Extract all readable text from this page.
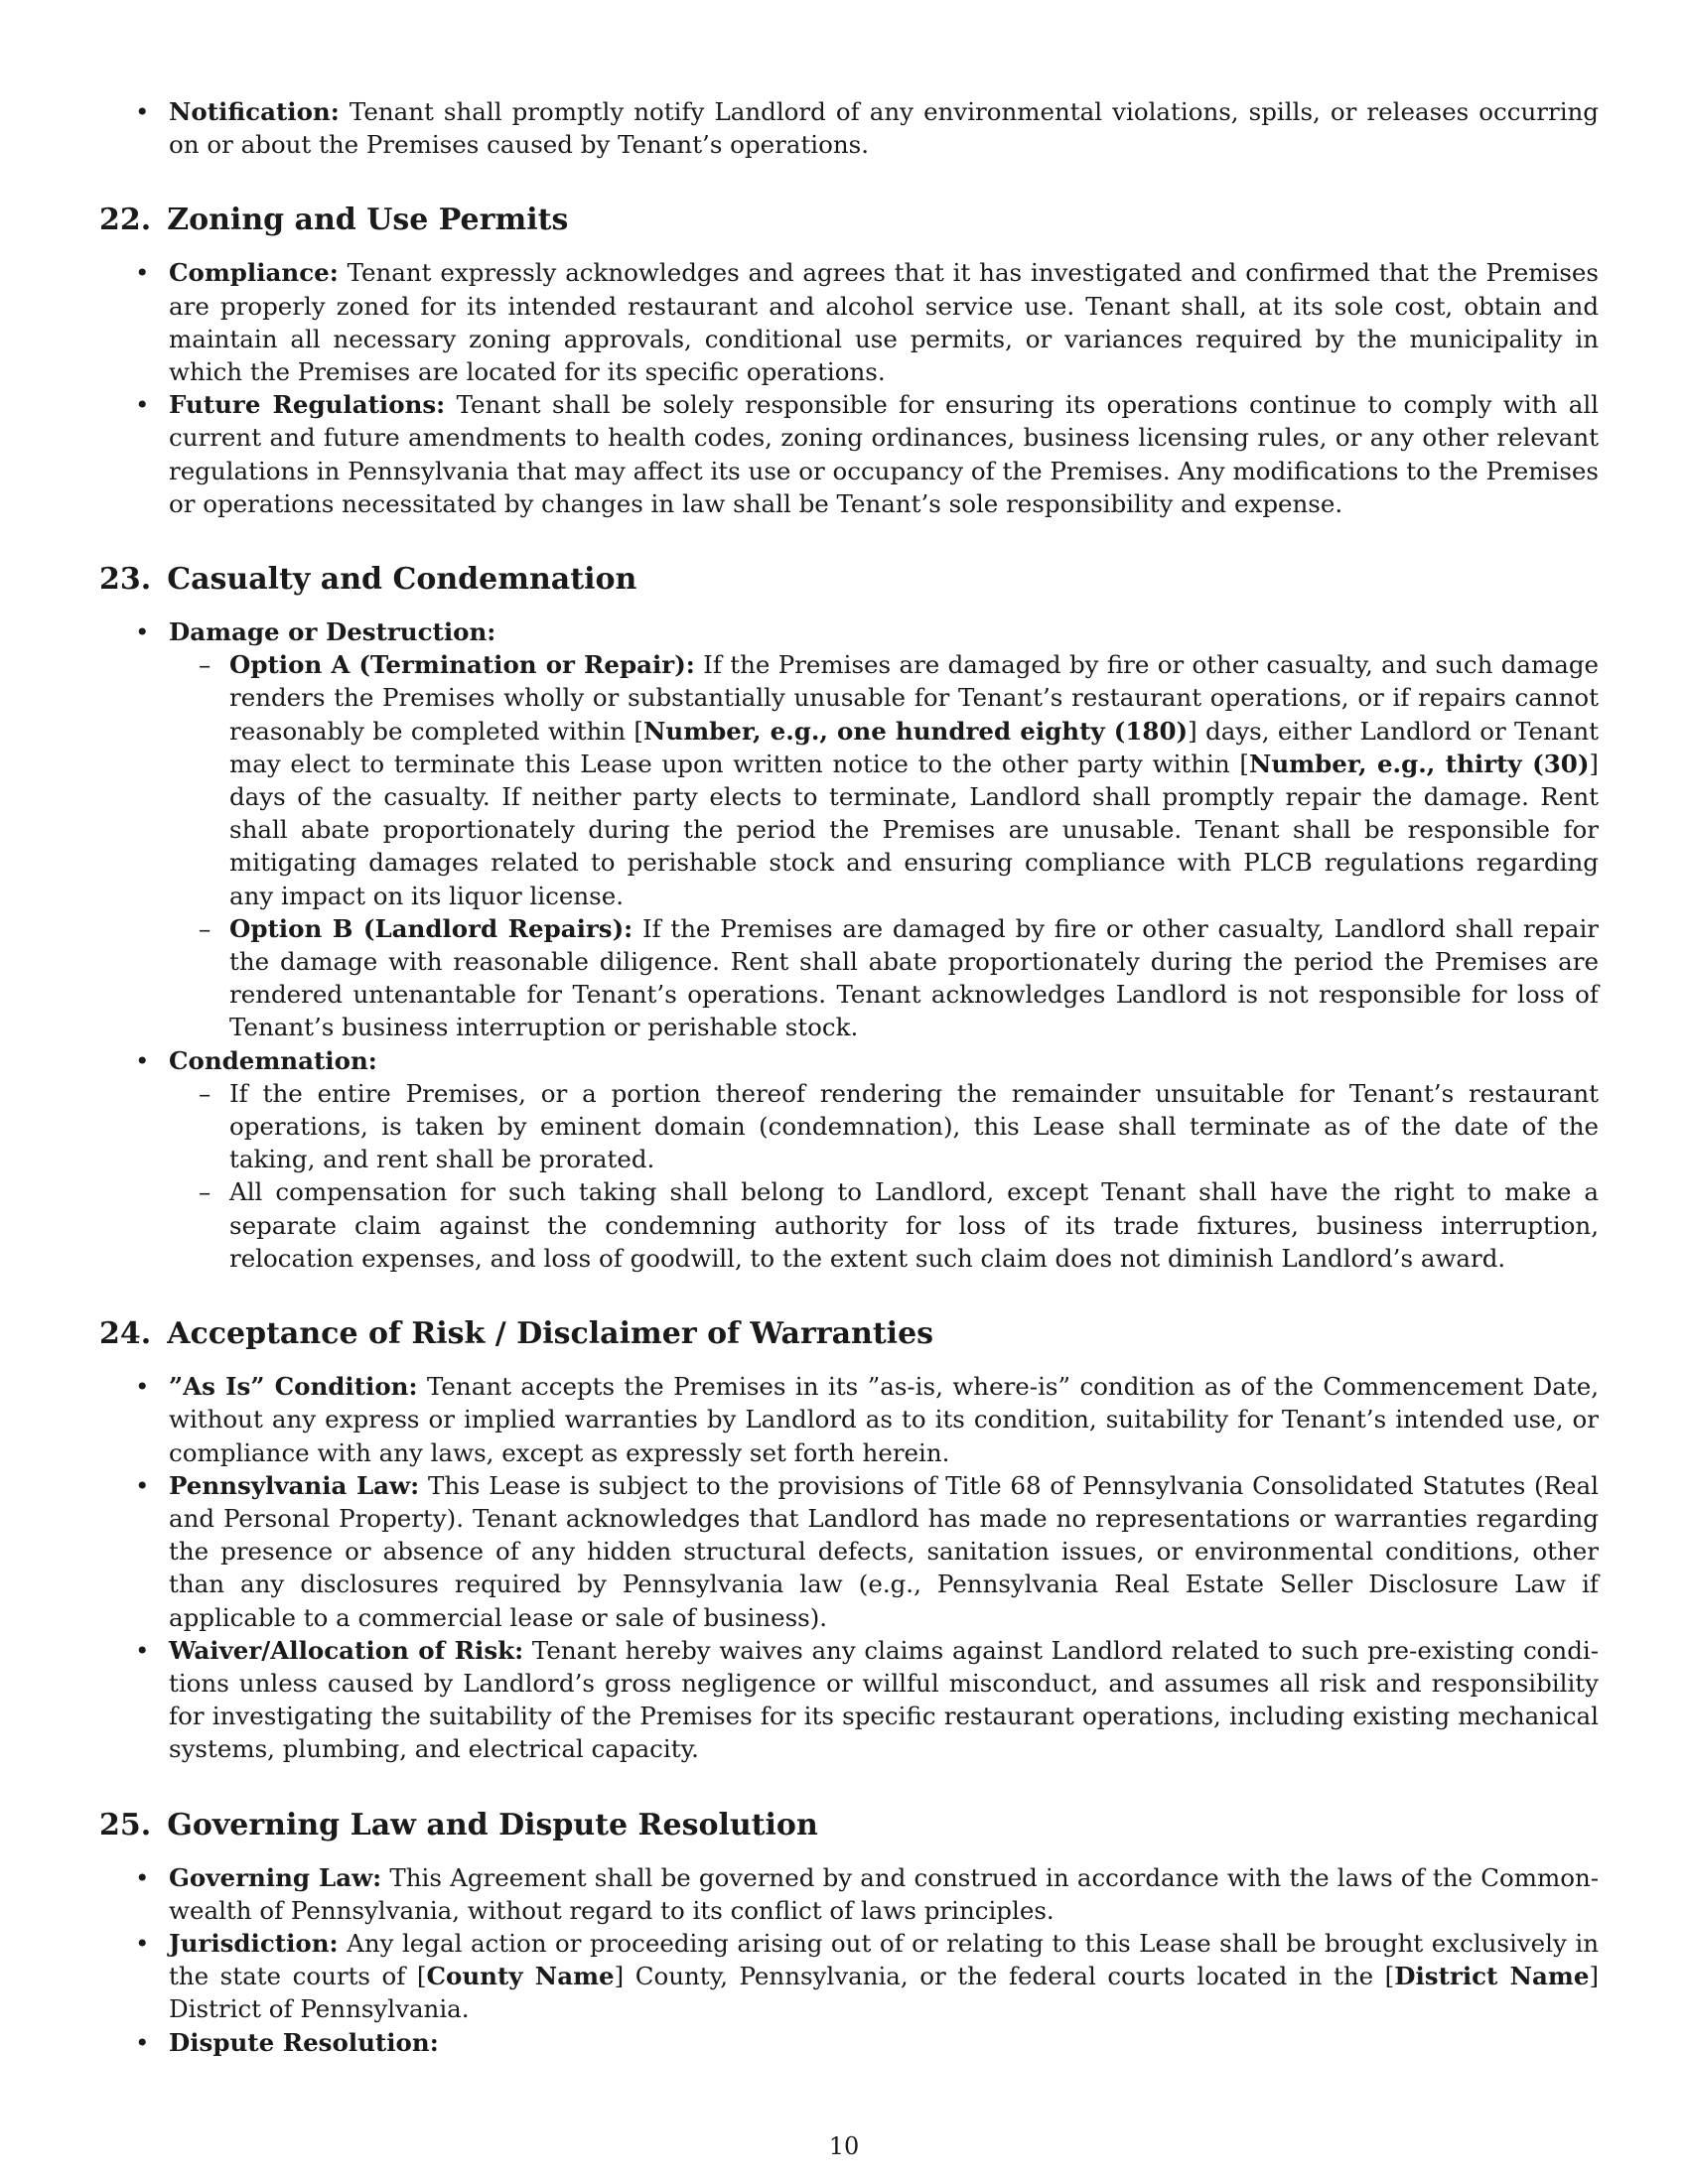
• Notification: Tenant shall promptly notify Landlord of any environmental violations, spills, or releases occurring on or about the Premises caused by Tenant’s operations.
22. Zoning and Use Permits
• Compliance: Tenant expressly acknowledges and agrees that it has investigated and confirmed that the Premises are properly zoned for its intended restaurant and alcohol service use. Tenant shall, at its sole cost, obtain and maintain all necessary zoning approvals, conditional use permits, or variances required by the municipality in which the Premises are located for its specific operations.
• Future Regulations: Tenant shall be solely responsible for ensuring its operations continue to comply with all current and future amendments to health codes, zoning ordinances, business licensing rules, or any other relevant regulations in Pennsylvania that may affect its use or occupancy of the Premises. Any modifications to the Premises or operations necessitated by changes in law shall be Tenant’s sole responsibility and expense.
23. Casualty and Condemnation
• Damage or Destruction:
– Option A (Termination or Repair): If the Premises are damaged by fire or other casualty, and such damage renders the Premises wholly or substantially unusable for Tenant’s restaurant operations, or if repairs cannot reasonably be completed within [Number, e.g., one hundred eighty (180)] days, either Landlord or Tenant may elect to terminate this Lease upon written notice to the other party within [Number, e.g., thirty (30)] days of the casualty. If neither party elects to terminate, Landlord shall promptly repair the damage. Rent shall abate proportionately during the period the Premises are unusable. Tenant shall be responsible for mitigating damages related to perishable stock and ensuring compliance with PLCB regulations regarding any impact on its liquor license.
– Option B (Landlord Repairs): If the Premises are damaged by fire or other casualty, Landlord shall repair the damage with reasonable diligence. Rent shall abate proportionately during the period the Premises are rendered untenantable for Tenant’s operations. Tenant acknowledges Landlord is not responsible for loss of Tenant’s business interruption or perishable stock.
• Condemnation:
– If the entire Premises, or a portion thereof rendering the remainder unsuitable for Tenant’s restaurant operations, is taken by eminent domain (condemnation), this Lease shall terminate as of the date of the taking, and rent shall be prorated.
– All compensation for such taking shall belong to Landlord, except Tenant shall have the right to make a separate claim against the condemning authority for loss of its trade fixtures, business interruption, relocation expenses, and loss of goodwill, to the extent such claim does not diminish Landlord’s award.
24. Acceptance of Risk / Disclaimer of Warranties
• ”As Is” Condition: Tenant accepts the Premises in its ”as-is, where-is” condition as of the Commencement Date, without any express or implied warranties by Landlord as to its condition, suitability for Tenant’s intended use, or compliance with any laws, except as expressly set forth herein.
• Pennsylvania Law: This Lease is subject to the provisions of Title 68 of Pennsylvania Consolidated Statutes (Real and Personal Property). Tenant acknowledges that Landlord has made no representations or warranties regarding the presence or absence of any hidden structural defects, sanitation issues, or environmental conditions, other than any disclosures required by Pennsylvania law (e.g., Pennsylvania Real Estate Seller Disclosure Law if applicable to a commercial lease or sale of business).
• Waiver/Allocation of Risk: Tenant hereby waives any claims against Landlord related to such pre-existing conditions unless caused by Landlord’s gross negligence or willful misconduct, and assumes all risk and responsibility for investigating the suitability of the Premises for its specific restaurant operations, including existing mechanical systems, plumbing, and electrical capacity.
25. Governing Law and Dispute Resolution
• Governing Law: This Agreement shall be governed by and construed in accordance with the laws of the Commonwealth of Pennsylvania, without regard to its conflict of laws principles.
• Jurisdiction: Any legal action or proceeding arising out of or relating to this Lease shall be brought exclusively in the state courts of [County Name] County, Pennsylvania, or the federal courts located in the [District Name] District of Pennsylvania.
• Dispute Resolution:
10
